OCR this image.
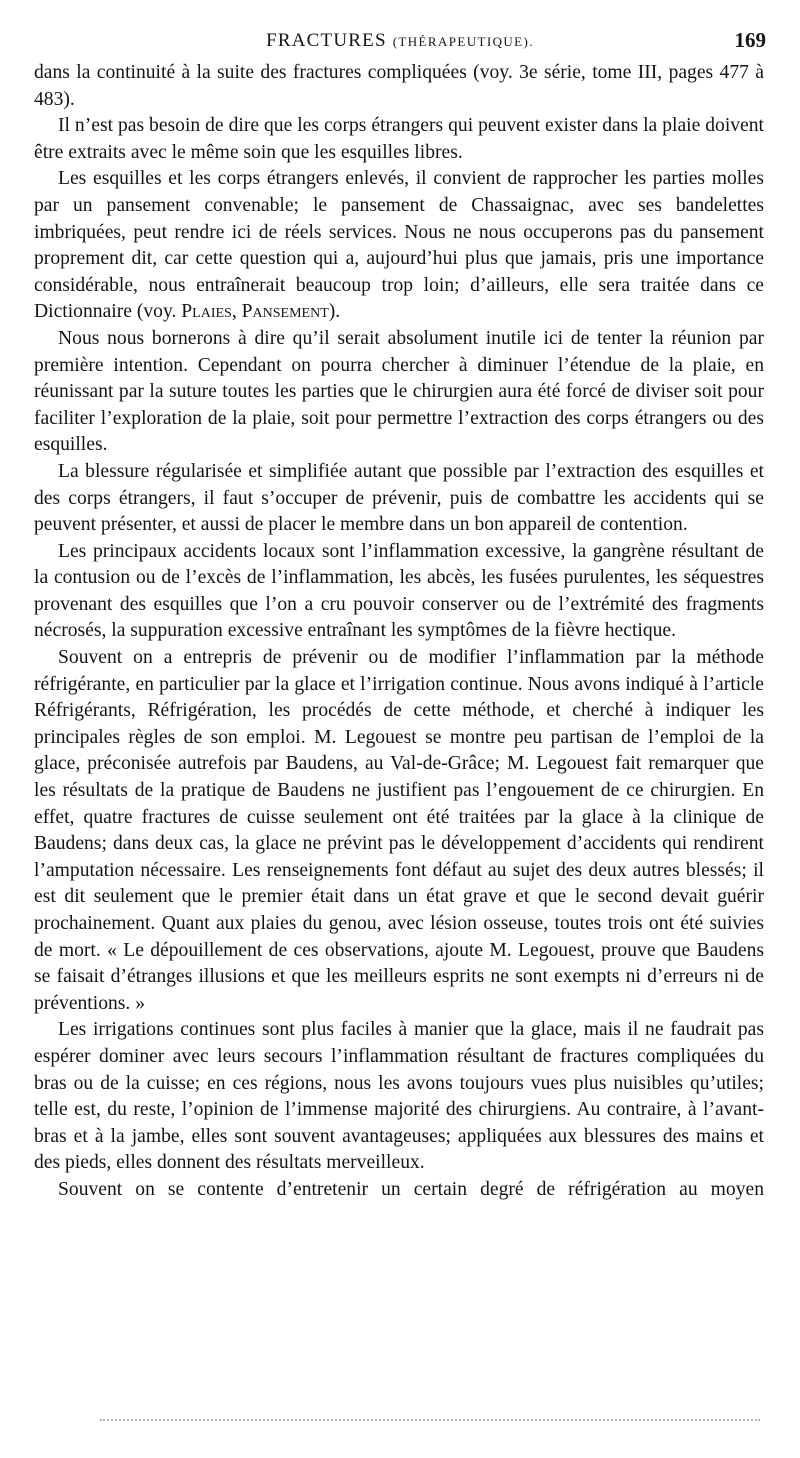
FRACTURES (THÉRAPEUTIQUE).	169

dans la continuité à la suite des fractures compliquées (voy. 3e série, tome III, pages 477 à 483).

Il n’est pas besoin de dire que les corps étrangers qui peuvent exister dans la plaie doivent être extraits avec le même soin que les esquilles libres.

Les esquilles et les corps étrangers enlevés, il convient de rapprocher les parties molles par un pansement convenable; le pansement de Chassaignac, avec ses bandelettes imbriquées, peut rendre ici de réels services. Nous ne nous occuperons pas du pansement proprement dit, car cette question qui a, aujourd’hui plus que jamais, pris une importance considérable, nous entraînerait beaucoup trop loin; d’ailleurs, elle sera traitée dans ce Dictionnaire (voy. Plaies, Pansement).

Nous nous bornerons à dire qu’il serait absolument inutile ici de tenter la réunion par première intention. Cependant on pourra chercher à diminuer l’étendue de la plaie, en réunissant par la suture toutes les parties que le chirurgien aura été forcé de diviser soit pour faciliter l’exploration de la plaie, soit pour permettre l’extraction des corps étrangers ou des esquilles.

La blessure régularisée et simplifiée autant que possible par l’extraction des esquilles et des corps étrangers, il faut s’occuper de prévenir, puis de combattre les accidents qui se peuvent présenter, et aussi de placer le membre dans un bon appareil de contention.

Les principaux accidents locaux sont l’inflammation excessive, la gangrène résultant de la contusion ou de l’excès de l’inflammation, les abcès, les fusées purulentes, les séquestres provenant des esquilles que l’on a cru pouvoir conserver ou de l’extrémité des fragments nécrosés, la suppuration excessive entraînant les symptômes de la fièvre hectique.

Souvent on a entrepris de prévenir ou de modifier l’inflammation par la méthode réfrigérante, en particulier par la glace et l’irrigation continue. Nous avons indiqué à l’article Réfrigérants, Réfrigération, les procédés de cette méthode, et cherché à indiquer les principales règles de son emploi. M. Legouest se montre peu partisan de l’emploi de la glace, préconisée autrefois par Baudens, au Val-de-Grâce; M. Legouest fait remarquer que les résultats de la pratique de Baudens ne justifient pas l’engouement de ce chirurgien. En effet, quatre fractures de cuisse seulement ont été traitées par la glace à la clinique de Baudens; dans deux cas, la glace ne prévint pas le développement d’accidents qui rendirent l’amputation nécessaire. Les renseignements font défaut au sujet des deux autres blessés; il est dit seulement que le premier était dans un état grave et que le second devait guérir prochainement. Quant aux plaies du genou, avec lésion osseuse, toutes trois ont été suivies de mort. « Le dépouillement de ces observations, ajoute M. Legouest, prouve que Baudens se faisait d’étranges illusions et que les meilleurs esprits ne sont exempts ni d’erreurs ni de préventions. »

Les irrigations continues sont plus faciles à manier que la glace, mais il ne faudrait pas espérer dominer avec leurs secours l’inflammation résultant de fractures compliquées du bras ou de la cuisse; en ces régions, nous les avons toujours vues plus nuisibles qu’utiles; telle est, du reste, l’opinion de l’immense majorité des chirurgiens. Au contraire, à l’avant-bras et à la jambe, elles sont souvent avantageuses; appliquées aux blessures des mains et des pieds, elles donnent des résultats merveilleux.

Souvent on se contente d’entretenir un certain degré de réfrigération au moyen
